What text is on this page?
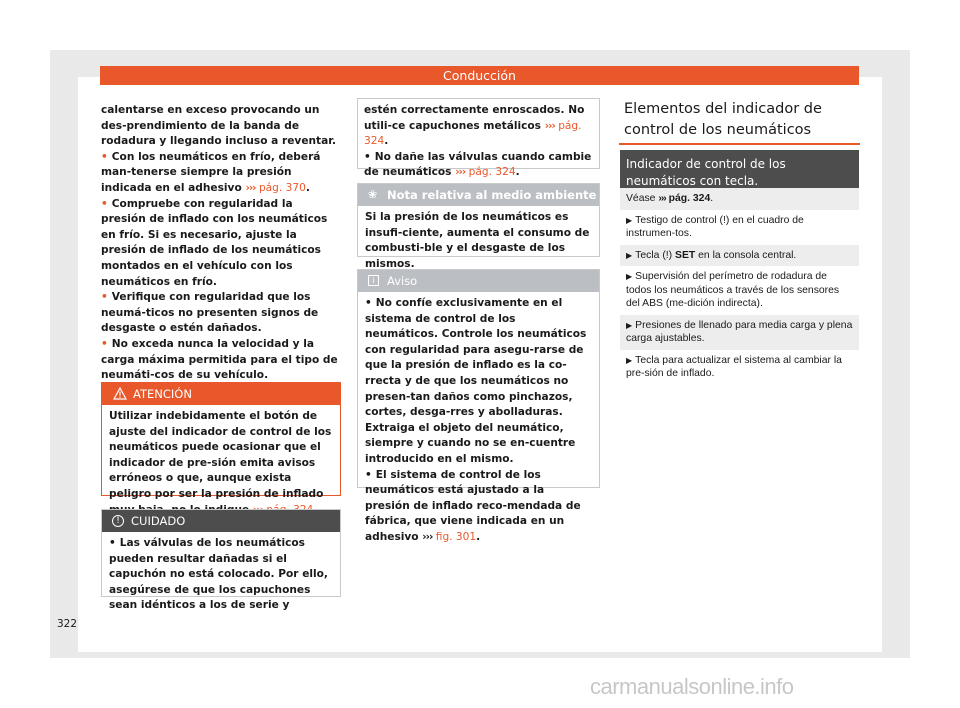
Conducción
calentarse en exceso provocando un des-prendimiento de la banda de rodadura y llegando incluso a reventar.
• Con los neumáticos en frío, deberá man-tenerse siempre la presión indicada en el adhesivo ››› pág. 370.
• Compruebe con regularidad la presión de inflado con los neumáticos en frío. Si es necesario, ajuste la presión de inflado de los neumáticos montados en el vehículo con los neumáticos en frío.
• Verifique con regularidad que los neumá-ticos no presenten signos de desgaste o estén dañados.
• No exceda nunca la velocidad y la carga máxima permitida para el tipo de neumáti-cos de su vehículo.
ATENCIÓN
Utilizar indebidamente el botón de ajuste del indicador de control de los neumáticos puede ocasionar que el indicador de pre-sión emita avisos erróneos o que, aunque exista peligro por ser la presión de inflado
! CUIDADO
• Las válvulas de los neumáticos pueden resultar dañadas si el capuchón no está colocado. Por ello, asegúrese de que los capuchones sean idénticos a los de serie y
estén correctamente enroscados. No utili-ce capuchones metálicos ››› pág. 324.
• No dañe las válvulas cuando cambie de neumáticos ››› pág. 324.
❀ Nota relativa al medio ambiente
Si la presión de los neumáticos es insufi-ciente, aumenta el consumo de combusti-ble y el desgaste de los mismos.
i	Aviso
• No confíe exclusivamente en el sistema de control de los neumáticos. Controle los neumáticos con regularidad para asegu-rarse de que la presión de inflado es la co-rrecta y de que los neumáticos no presen-tan daños como pinchazos, cortes, desga-rres y abolladuras. Extraiga el objeto del neumático, siempre y cuando no se en-cuentre introducido en el mismo.
• El sistema de control de los neumáticos está ajustado a la presión de inflado reco-mendada de fábrica, que viene indicada en un adhesivo ››› fig. 301.
Elementos del indicador de control de los neumáticos
Indicador de control de los neumáticos con tecla.
Véase ››› pág. 324.
▶ Testigo de control (!) en el cuadro de instrumen-tos.
▶ Tecla (!) SET en la consola central.
▶ Supervisión del perímetro de rodadura de todos los neumáticos a través de los sensores del ABS (me-dición indirecta).
▶ Presiones de llenado para media carga y plena carga ajustables.
▶ Tecla para actualizar el sistema al cambiar la pre-sión de inflado.
322
carmanualsonline.info
